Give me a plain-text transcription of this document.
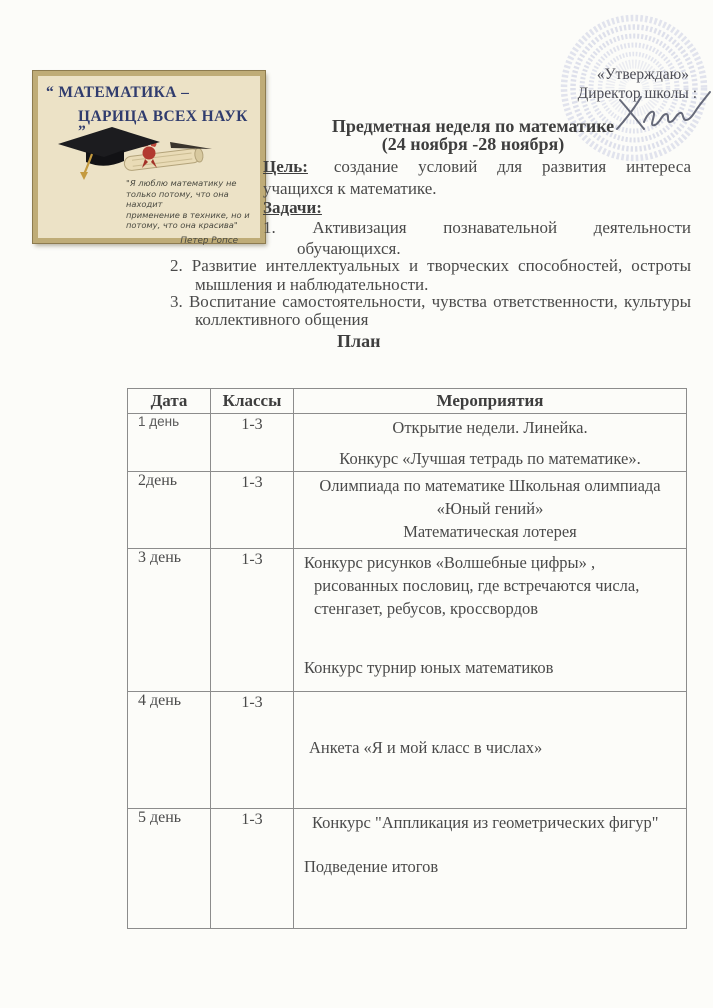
“ МАТЕМАТИКА –
ЦАРИЦА ВСЕХ НАУК ”
"Я люблю математику не
только потому, что она находит
применение в технике, но и
потому, что она красива"
Петер Ропсе
«Утверждаю»
Директор школы :
Предметная неделя по математике
(24 ноября -28 ноября)
Цель: создание условий для развития интереса
учащихся к математике.
Задачи:
1. Активизация познавательной деятельности
обучающихся.
2. Развитие интеллектуальных и творческих способностей, остроты
мышления и наблюдательности.
3. Воспитание самостоятельности, чувства ответственности, культуры
коллективного общения
План
Дата	Классы	Мероприятия
1 день	1-3	Открытие недели. Линейка.
Конкурс «Лучшая тетрадь по математике».

2день	1-3	Олимпиада по математике Школьная олимпиада
«Юный гений»
Математическая лотерея

3 день	1-3	Конкурс рисунков «Волшебные цифры» ,
рисованных пословиц, где встречаются числа,
стенгазет, ребусов, кроссвордов
Конкурс турнир юных математиков

4 день	1-3	Анкета «Я и мой класс в числах»

5 день	1-3	Конкурс "Аппликация из геометрических фигур"
Подведение итогов
